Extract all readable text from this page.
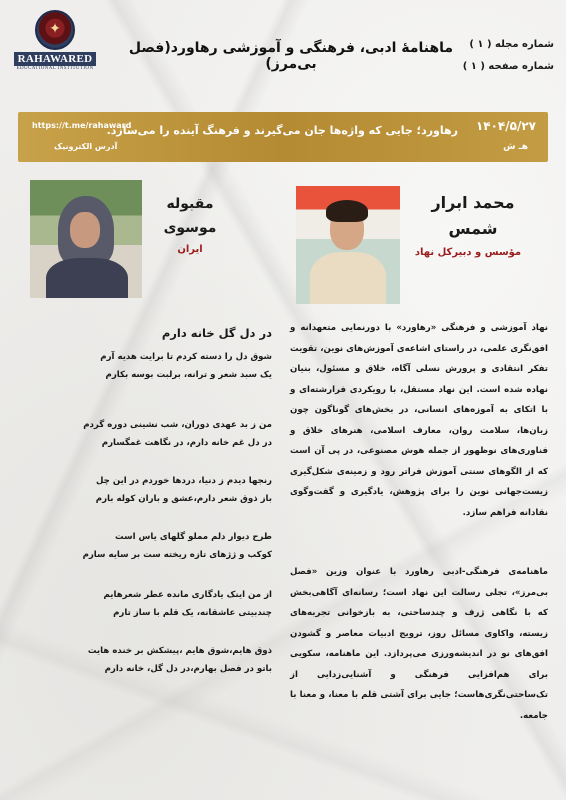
✦
RAHAWARED
EDUCATIONAL INSTITUTION
ماهنامهٔ ادبی، فرهنگی و آموزشی رهاورد(فصل بی‌مرز)
شماره مجله ( ۱ )
شماره صفحه ( ۱ )
۱۴۰۴/۵/۲۷
هـ ش
رهاورد؛ جایی که واژه‌ها جان می‌گیرند و فرهنگ آینده را می‌سازد.
https://t.me/rahaward
آدرس الکترونیک
محمد ابرار
شمس
مؤسس و دبیرکل نهاد
نهاد آموزشی و فرهنگی «رهاورد» با دورنمایی متعهدانه و افق‌نگری علمی، در راستای اشاعه‌ی آموزش‌های نوین، تقویت تفکر انتقادی و پرورش نسلی آگاه، خلاق و مسئول، بنیان نهاده شده است. این نهاد مستقل، با رویکردی فرارشته‌ای و با اتکای به آموزه‌های انسانی، در بخش‌های گوناگون چون زبان‌ها، سلامت روان، معارف اسلامی، هنرهای خلاق و فناوری‌های نوظهور از جمله هوش مصنوعی، در پی آن است که از الگوهای سنتی آموزش فراتر رود و زمینه‌ی شکل‌گیری زیست‌جهانی نوین را برای پژوهش، یادگیری و گفت‌وگوی نقادانه فراهم سازد.
ماهنامه‌ی فرهنگی-ادبی رهاورد با عنوان وزین «فصل بی‌مرز»، تجلی رسالت این نهاد است؛ رسانه‌ای آگاهی‌بخش که با نگاهی ژرف و چندساحتی، به بازخوانی تجربه‌های زیسته، واکاوی مسائل روز، ترویج ادبیات معاصر و گشودن افق‌های نو در اندیشه‌ورزی می‌پردازد. این ماهنامه، سکویی برای هم‌افزایی فرهنگی و آشنایی‌زدایی از تک‌ساحتی‌نگری‌هاست؛ جایی برای آشتی قلم با معنا، و معنا با جامعه.
مقبوله
موسوی
ایران
در دل گل خانه دارم
شوق دل را دسته کردم تا برایت هدیه آرم
یک سبد شعر و ترانه، برلبت بوسه بکارم
من ز بد عهدی دوران، شب نشینی دوره گردم
در دل غم خانه دارم، در نگاهت غمگسارم
رنجها دیدم ز دنیا، دردها خوردم در این چل
باز ذوق شعر دارم،عشق و باران کوله بارم
طرح دیوار دلم مملو گلهای یاس است
کوکب و ژژهای تازه ریخته ست بر سایه سارم
از من اینک یادگاری مانده عطر شعرهایم
چندبیتی عاشقانه، یک قلم با ساز تارم
ذوق هایم،شوق هایم ،پیشکش بر خنده هایت
باتو در فصل بهارم،در دل گل، خانه دارم
